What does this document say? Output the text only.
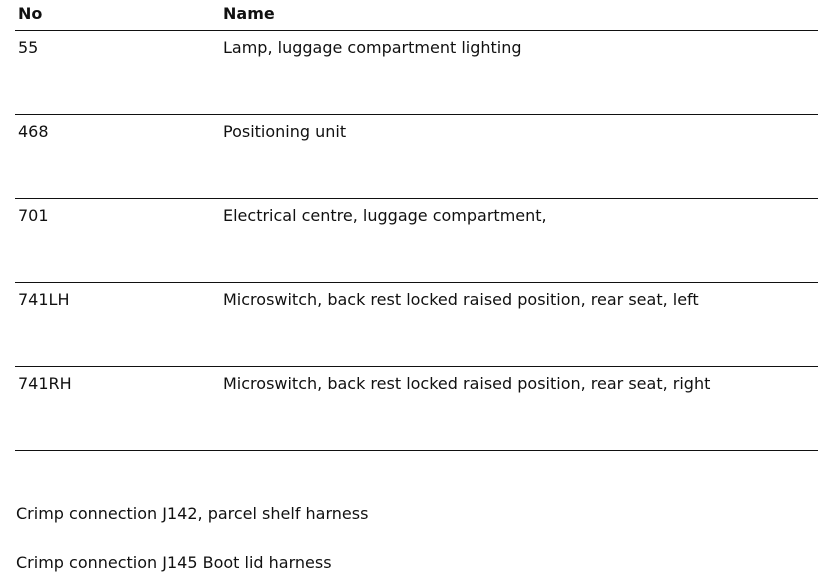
No	Name
55	Lamp, luggage compartment lighting
468	Positioning unit
701	Electrical centre, luggage compartment,
741LH	Microswitch, back rest locked raised position, rear seat, left
741RH	Microswitch, back rest locked raised position, rear seat, right
Crimp connection J142, parcel shelf harness
Crimp connection J145 Boot lid harness
